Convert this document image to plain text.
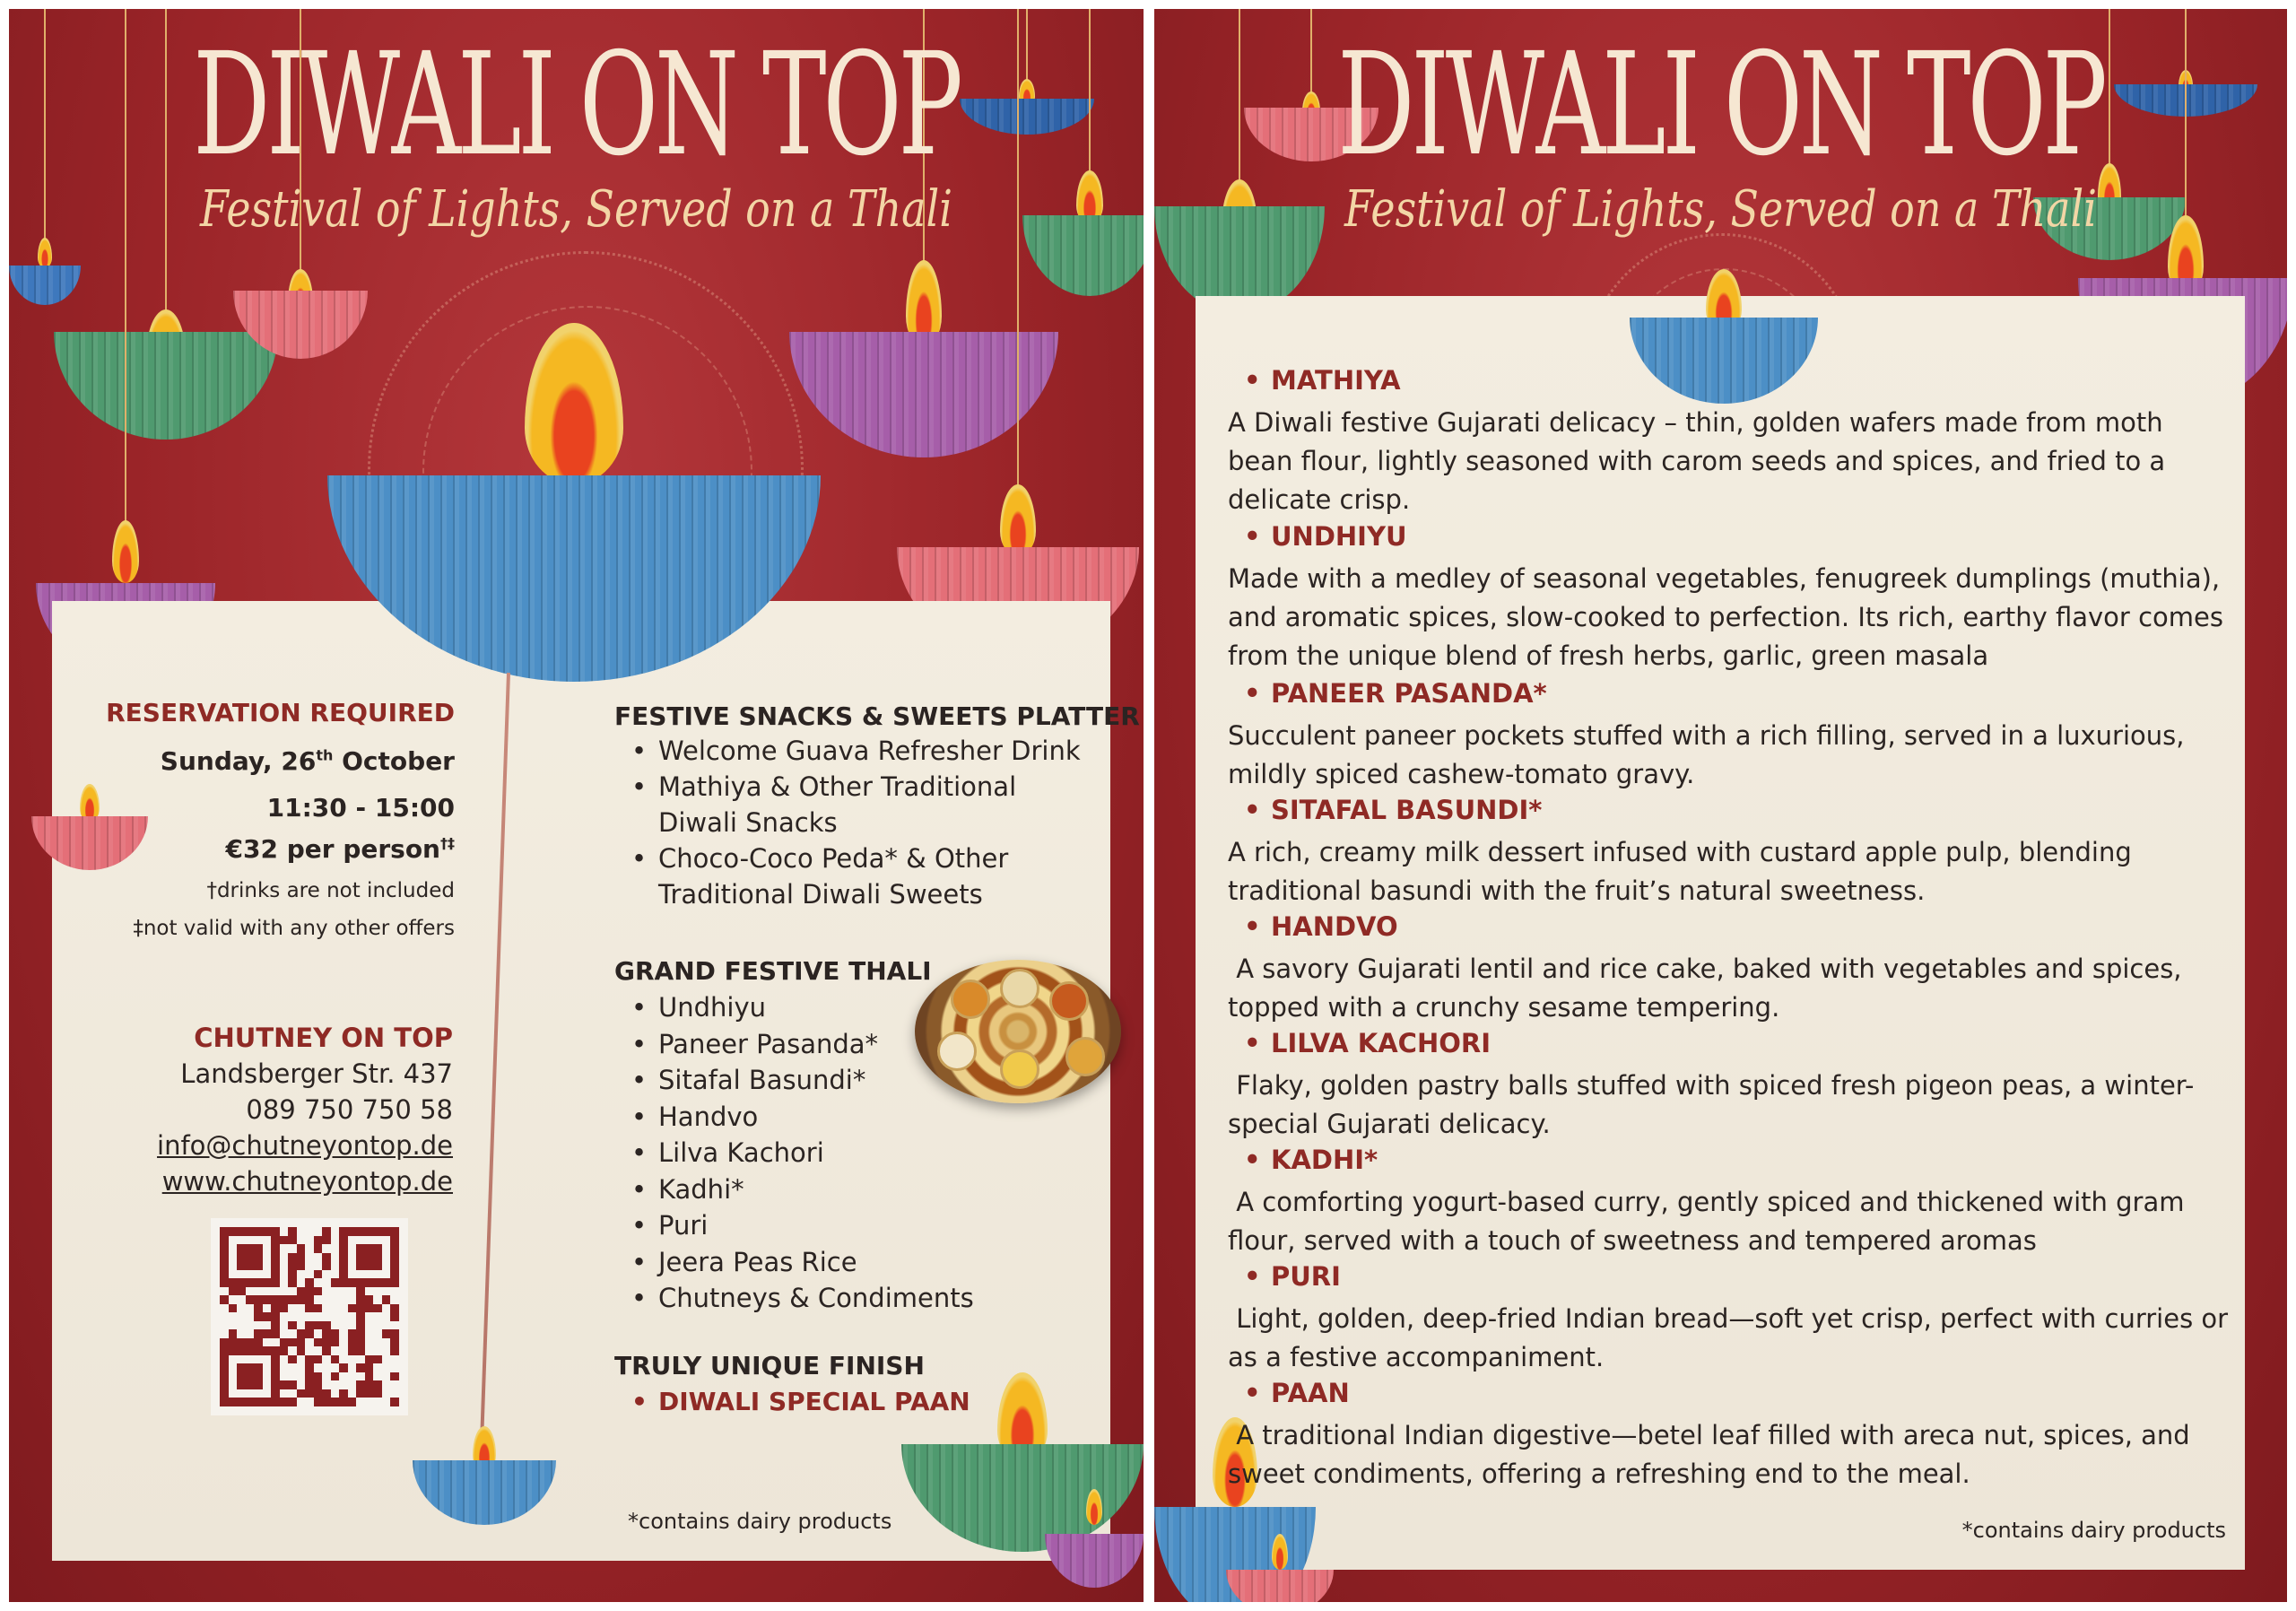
DIWALI ON TOP
Festival of Lights, Served on a Thali
RESERVATION REQUIRED
Sunday, 26th October
11:30 - 15:00
€32 per person†‡
†drinks are not included
‡not valid with any other offers
CHUTNEY ON TOP
Landsberger Str. 437
089 750 750 58
info@chutneyontop.de
www.chutneyontop.de
FESTIVE SNACKS & SWEETS PLATTER
• Welcome Guava Refresher Drink
• Mathiya & Other Traditional
Diwali Snacks
• Choco-Coco Peda* & Other
Traditional Diwali Sweets
GRAND FESTIVE THALI
• Undhiyu
• Paneer Pasanda*
• Sitafal Basundi*
• Handvo
• Lilva Kachori
• Kadhi*
• Puri
• Jeera Peas Rice
• Chutneys & Condiments
TRULY UNIQUE FINISH
• DIWALI SPECIAL PAAN
*contains dairy products
DIWALI ON TOP
Festival of Lights, Served on a Thali
• MATHIYA
A Diwali festive Gujarati delicacy – thin, golden wafers made from moth bean flour, lightly seasoned with carom seeds and spices, and fried to a delicate crisp.
• UNDHIYU
Made with a medley of seasonal vegetables, fenugreek dumplings (muthia), and aromatic spices, slow-cooked to perfection. Its rich, earthy flavor comes from the unique blend of fresh herbs, garlic, green masala
• PANEER PASANDA*
Succulent paneer pockets stuffed with a rich filling, served in a luxurious, mildly spiced cashew-tomato gravy.
• SITAFAL BASUNDI*
A rich, creamy milk dessert infused with custard apple pulp, blending traditional basundi with the fruit’s natural sweetness.
• HANDVO
A savory Gujarati lentil and rice cake, baked with vegetables and spices, topped with a crunchy sesame tempering.
• LILVA KACHORI
Flaky, golden pastry balls stuffed with spiced fresh pigeon peas, a winter-special Gujarati delicacy.
• KADHI*
A comforting yogurt-based curry, gently spiced and thickened with gram flour, served with a touch of sweetness and tempered aromas
• PURI
Light, golden, deep-fried Indian bread—soft yet crisp, perfect with curries or as a festive accompaniment.
• PAAN
A traditional Indian digestive—betel leaf filled with areca nut, spices, and sweet condiments, offering a refreshing end to the meal.
*contains dairy products
